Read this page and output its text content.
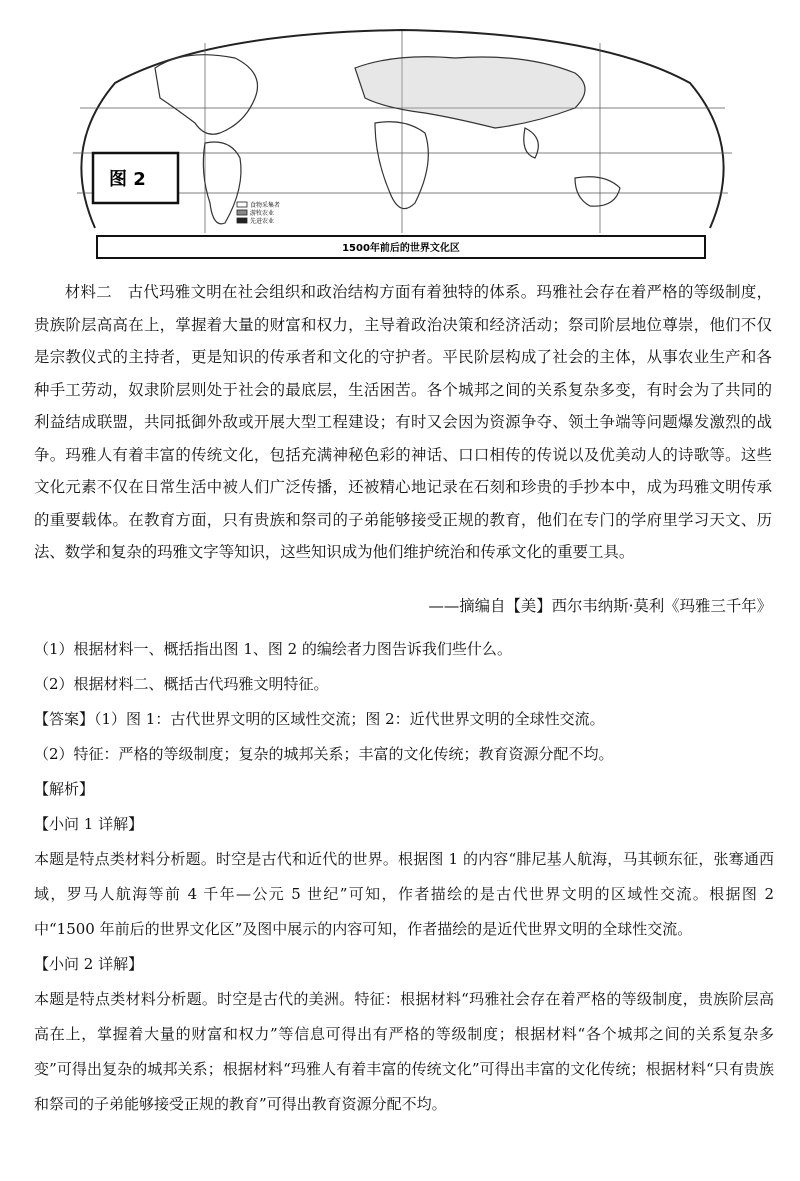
图 2
食物采集者
游牧农业
先进农业
1500年前后的世界文化区

材料二　古代玛雅文明在社会组织和政治结构方面有着独特的体系。玛雅社会存在着严格的等级制度，贵族阶层高高在上，掌握着大量的财富和权力，主导着政治决策和经济活动；祭司阶层地位尊崇，他们不仅是宗教仪式的主持者，更是知识的传承者和文化的守护者。平民阶层构成了社会的主体，从事农业生产和各种手工劳动，奴隶阶层则处于社会的最底层，生活困苦。各个城邦之间的关系复杂多变，有时会为了共同的利益结成联盟，共同抵御外敌或开展大型工程建设；有时又会因为资源争夺、领土争端等问题爆发激烈的战争。玛雅人有着丰富的传统文化，包括充满神秘色彩的神话、口口相传的传说以及优美动人的诗歌等。这些文化元素不仅在日常生活中被人们广泛传播，还被精心地记录在石刻和珍贵的手抄本中，成为玛雅文明传承的重要载体。在教育方面，只有贵族和祭司的子弟能够接受正规的教育，他们在专门的学府里学习天文、历法、数学和复杂的玛雅文字等知识，这些知识成为他们维护统治和传承文化的重要工具。

——摘编自【美】西尔韦纳斯·莫利《玛雅三千年》
（1）根据材料一、概括指出图 1、图 2 的编绘者力图告诉我们些什么。
（2）根据材料二、概括古代玛雅文明特征。
【答案】（1）图 1：古代世界文明的区域性交流；图 2：近代世界文明的全球性交流。
（2）特征：严格的等级制度；复杂的城邦关系；丰富的文化传统；教育资源分配不均。
【解析】
【小问 1 详解】
本题是特点类材料分析题。时空是古代和近代的世界。根据图 1 的内容“腓尼基人航海，马其顿东征，张骞通西域，罗马人航海等前 4 千年—公元 5 世纪”可知，作者描绘的是古代世界文明的区域性交流。根据图 2 中“1500 年前后的世界文化区”及图中展示的内容可知，作者描绘的是近代世界文明的全球性交流。
【小问 2 详解】
本题是特点类材料分析题。时空是古代的美洲。特征：根据材料“玛雅社会存在着严格的等级制度，贵族阶层高高在上，掌握着大量的财富和权力”等信息可得出有严格的等级制度；根据材料“各个城邦之间的关系复杂多变”可得出复杂的城邦关系；根据材料“玛雅人有着丰富的传统文化”可得出丰富的文化传统；根据材料“只有贵族和祭司的子弟能够接受正规的教育”可得出教育资源分配不均。
